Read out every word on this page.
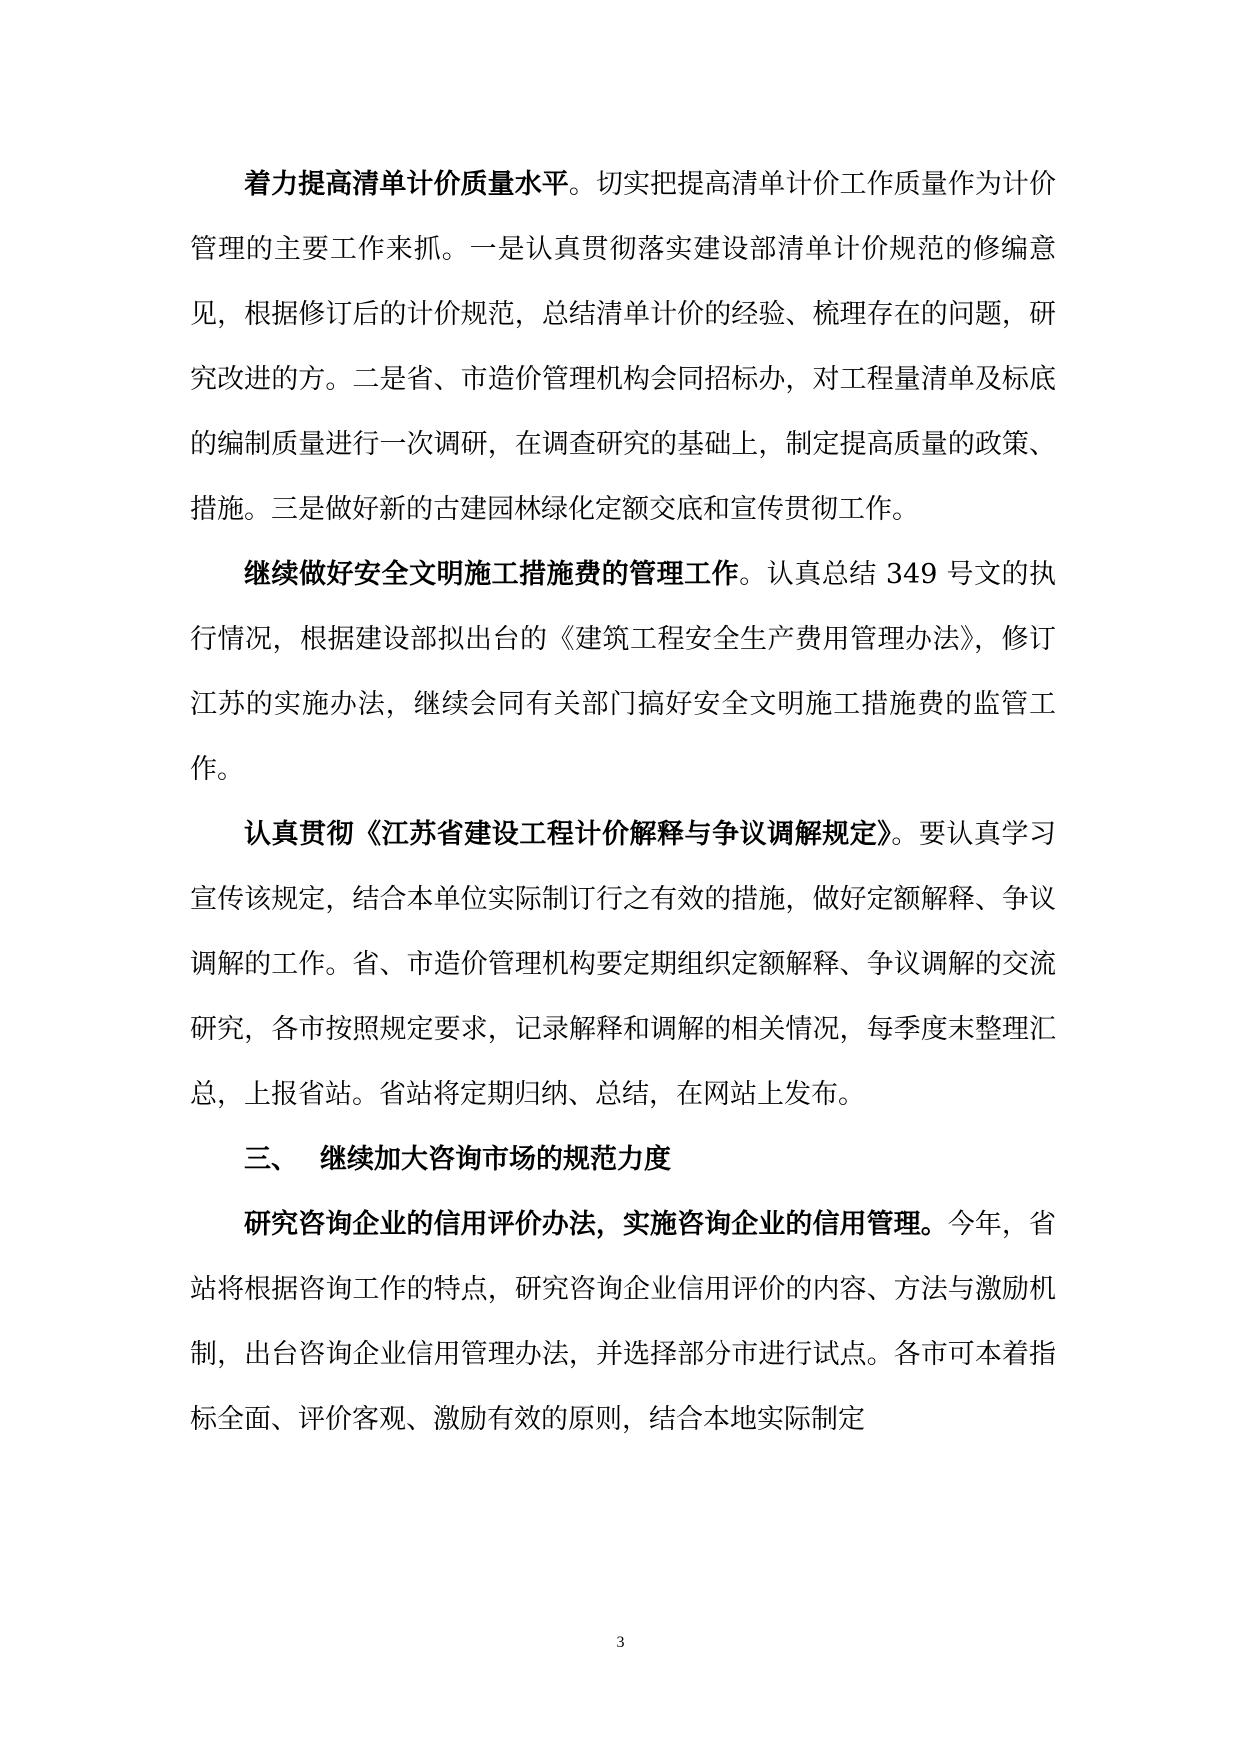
着力提高清单计价质量水平。切实把提高清单计价工作质量作为计价管理的主要工作来抓。一是认真贯彻落实建设部清单计价规范的修编意见，根据修订后的计价规范，总结清单计价的经验、梳理存在的问题，研究改进的方。二是省、市造价管理机构会同招标办，对工程量清单及标底的编制质量进行一次调研，在调查研究的基础上，制定提高质量的政策、措施。三是做好新的古建园林绿化定额交底和宣传贯彻工作。

继续做好安全文明施工措施费的管理工作。认真总结 349 号文的执行情况，根据建设部拟出台的《建筑工程安全生产费用管理办法》，修订江苏的实施办法，继续会同有关部门搞好安全文明施工措施费的监管工作。

认真贯彻《江苏省建设工程计价解释与争议调解规定》。要认真学习宣传该规定，结合本单位实际制订行之有效的措施，做好定额解释、争议调解的工作。省、市造价管理机构要定期组织定额解释、争议调解的交流研究，各市按照规定要求，记录解释和调解的相关情况，每季度末整理汇总，上报省站。省站将定期归纳、总结，在网站上发布。

三、 继续加大咨询市场的规范力度

研究咨询企业的信用评价办法，实施咨询企业的信用管理。今年，省站将根据咨询工作的特点，研究咨询企业信用评价的内容、方法与激励机制，出台咨询企业信用管理办法，并选择部分市进行试点。各市可本着指标全面、评价客观、激励有效的原则，结合本地实际制定

3
